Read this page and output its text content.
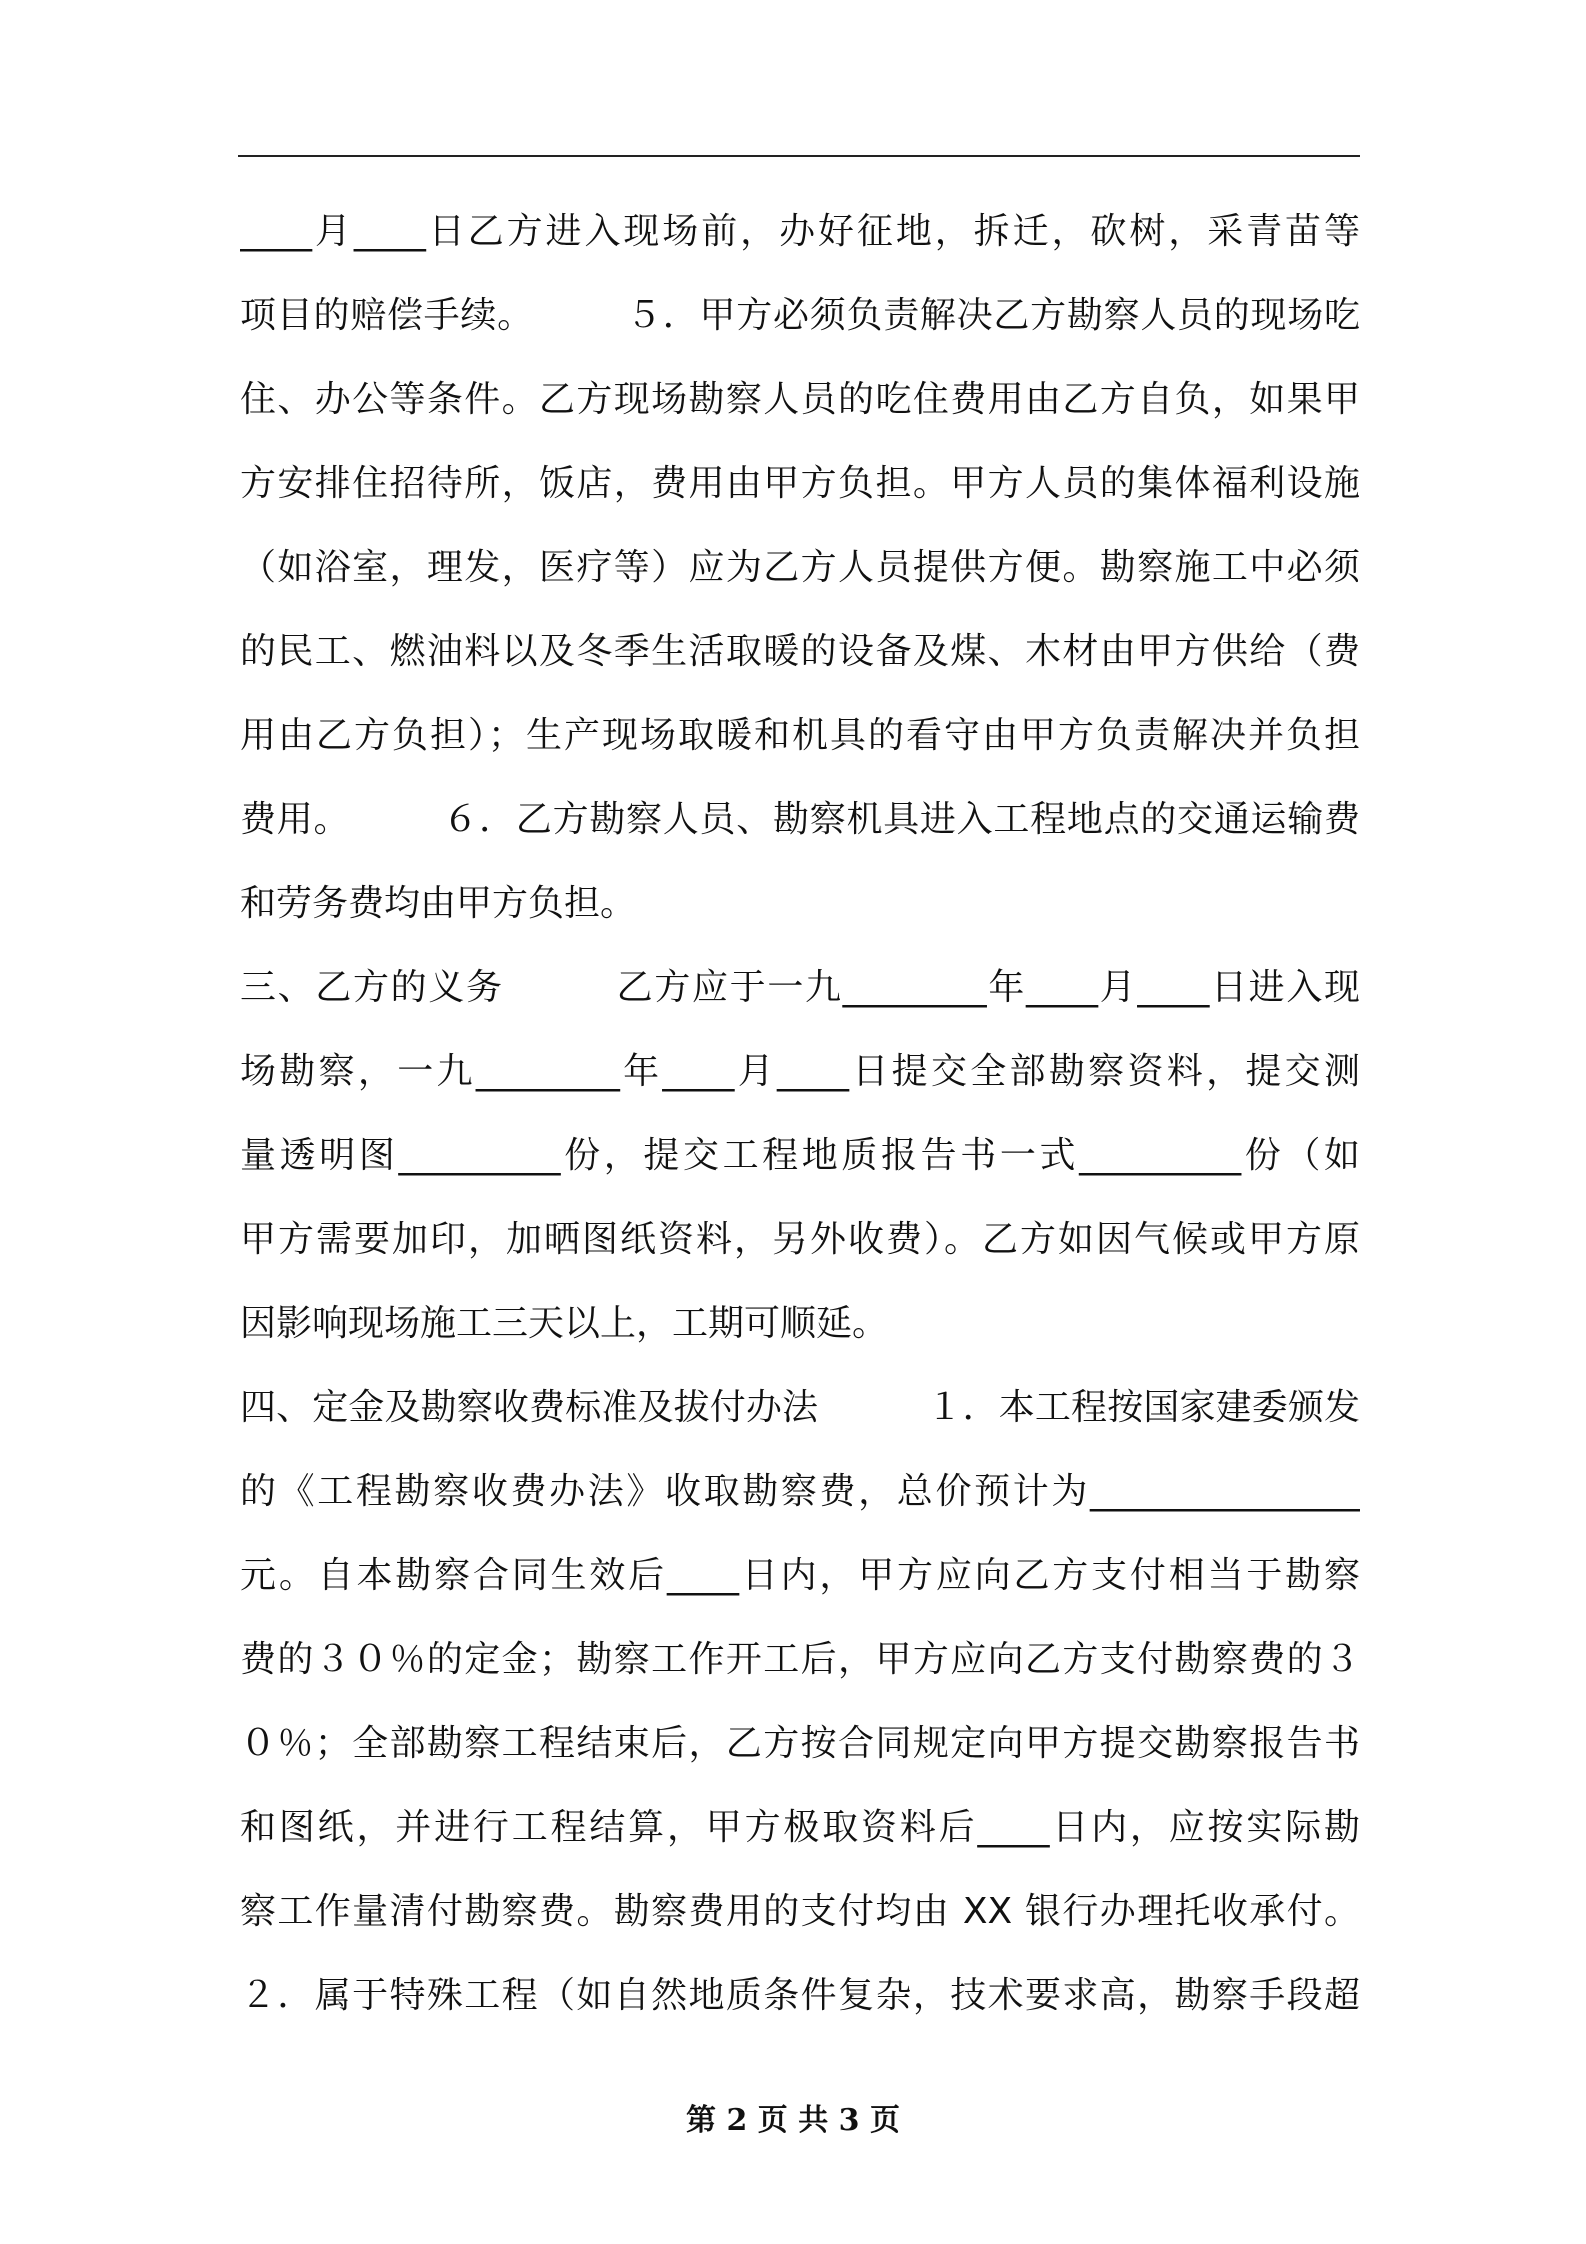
____月____日乙方进入现场前，办好征地，拆迁，砍树，采青苗等
项目的赔偿手续。　　　５．甲方必须负责解决乙方勘察人员的现场吃
住、办公等条件。乙方现场勘察人员的吃住费用由乙方自负，如果甲
方安排住招待所，饭店，费用由甲方负担。甲方人员的集体福利设施
（如浴室，理发，医疗等）应为乙方人员提供方便。勘察施工中必须
的民工、燃油料以及冬季生活取暖的设备及煤、木材由甲方供给（费
用由乙方负担）；生产现场取暖和机具的看守由甲方负责解决并负担
费用。　　　６．乙方勘察人员、勘察机具进入工程地点的交通运输费
和劳务费均由甲方负担。
三、乙方的义务　　　乙方应于一九________年____月____日进入现
场勘察，一九________年____月____日提交全部勘察资料，提交测
量透明图_________份，提交工程地质报告书一式_________份（如
甲方需要加印，加晒图纸资料，另外收费）。乙方如因气候或甲方原
因影响现场施工三天以上，工期可顺延。
四、定金及勘察收费标准及拔付办法　　　１．本工程按国家建委颁发
的《工程勘察收费办法》收取勘察费，总价预计为_______________
元。自本勘察合同生效后____日内，甲方应向乙方支付相当于勘察
费的３０％的定金；勘察工作开工后，甲方应向乙方支付勘察费的３
０％；全部勘察工程结束后，乙方按合同规定向甲方提交勘察报告书
和图纸，并进行工程结算，甲方极取资料后____日内，应按实际勘
察工作量清付勘察费。勘察费用的支付均由 XX 银行办理托收承付。
２．属于特殊工程（如自然地质条件复杂，技术要求高，勘察手段超
第 2 页 共 3 页
